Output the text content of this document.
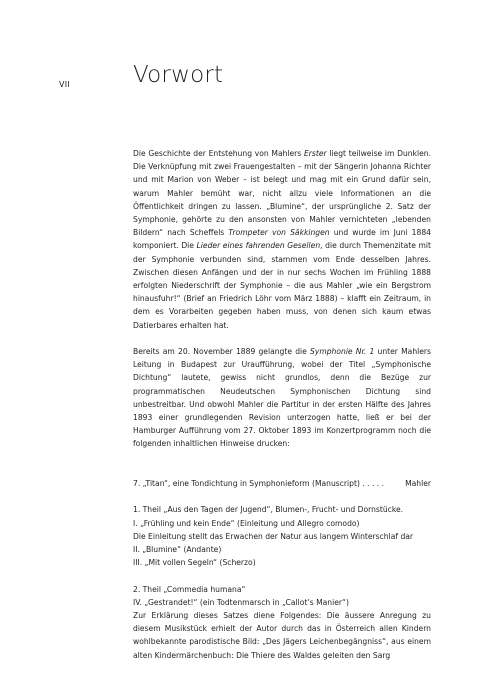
VII	Vorwort

Die Geschichte der Entstehung von Mahlers Erster liegt teilweise im Dunklen. Die Verknüpfung mit zwei Frauengestalten – mit der Sängerin Johanna Richter und mit Marion von Weber – ist belegt und mag mit ein Grund dafür sein, warum Mahler bemüht war, nicht allzu viele Informationen an die Öffentlichkeit dringen zu lassen. „Blumine“, der ursprüngliche 2. Satz der Symphonie, gehörte zu den ansonsten von Mahler vernichteten „lebenden Bildern“ nach Scheffels Trompeter von Säkkingen und wurde im Juni 1884 komponiert. Die Lieder eines fahrenden Gesellen, die durch Themenzitate mit der Symphonie verbunden sind, stammen vom Ende desselben Jahres. Zwischen diesen Anfängen und der in nur sechs Wochen im Frühling 1888 erfolgten Niederschrift der Symphonie – die aus Mahler „wie ein Bergstrom hinausfuhr!“ (Brief an Friedrich Löhr vom März 1888) – klafft ein Zeitraum, in dem es Vorarbeiten gegeben haben muss, von denen sich kaum etwas Datierbares erhalten hat.

Bereits am 20. November 1889 gelangte die Symphonie Nr. 1 unter Mahlers Leitung in Budapest zur Uraufführung, wobei der Titel „Symphonische Dichtung“ lautete, gewiss nicht grundlos, denn die Bezüge zur programmatischen Neudeutschen Symphonischen Dichtung sind unbestreitbar. Und obwohl Mahler die Partitur in der ersten Hälfte des Jahres 1893 einer grundlegenden Revision unterzogen hatte, ließ er bei der Hamburger Aufführung vom 27. Oktober 1893 im Konzertprogramm noch die folgenden inhaltlichen Hinweise drucken:

7. „Titan“, eine Tondichtung in Symphonieform (Manuscript) . . . . .	Mahler
1. Theil „Aus den Tagen der Jugend“, Blumen-, Frucht- und Dornstücke.
I. „Frühling und kein Ende“ (Einleitung und Allegro comodo)
Die Einleitung stellt das Erwachen der Natur aus langem Winterschlaf dar
II. „Blumine“ (Andante)
III. „Mit vollen Segeln“ (Scherzo)
2. Theil „Commedia humana“
IV. „Gestrandet!“ (ein Todtenmarsch in „Callot’s Manier“)

Zur Erklärung dieses Satzes diene Folgendes: Die äussere Anregung zu diesem Musikstück erhielt der Autor durch das in Österreich allen Kindern wohlbekannte parodistische Bild: „Des Jägers Leichenbegängniss“, aus einem alten Kindermärchenbuch: Die Thiere des Waldes geleiten den Sarg
